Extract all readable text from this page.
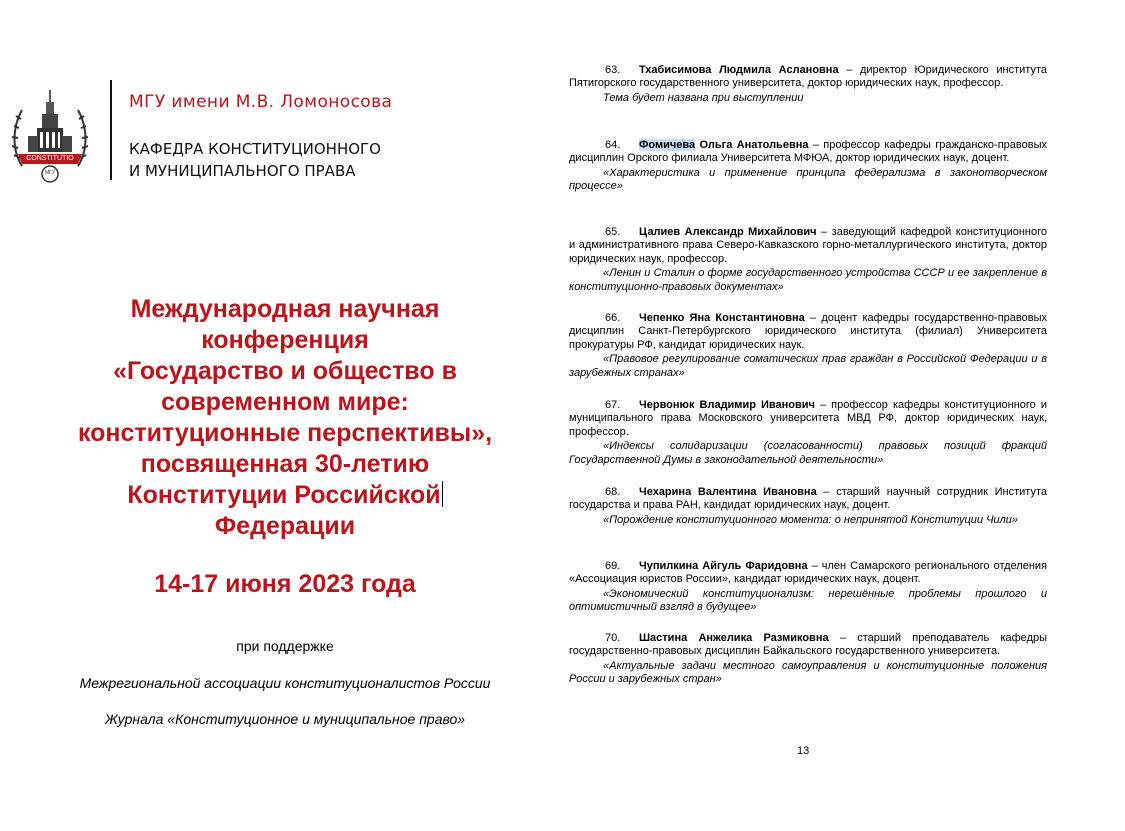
CONSTITUTIO
МГУ
МГУ имени М.В. Ломоносова
КАФЕДРА КОНСТИТУЦИОННОГО
И МУНИЦИПАЛЬНОГО ПРАВА
Международная научная
конференция
«Государство и общество в
современном мире:
конституционные перспективы»,
посвященная 30-летию
Конституции Российской
Федерации
14-17 июня 2023 года
при поддержке
Межрегиональной ассоциации конституционалистов России
Журнала «Конституционное и муниципальное право»
63. Тхабисимова Людмила Аслановна – директор Юридического института Пятигорского государственного университета, доктор юридических наук, профессор.
Тема будет названа при выступлении
64. Фомичева Ольга Анатольевна – профессор кафедры гражданско-правовых дисциплин Орского филиала Университета МФЮА, доктор юридических наук, доцент.
«Характеристика и применение принципа федерализма в законотворческом процессе»
65. Цалиев Александр Михайлович – заведующий кафедрой конституционного и административного права Северо-Кавказского горно-металлургического института, доктор юридических наук, профессор.
«Ленин и Сталин о форме государственного устройства СССР и ее закрепление в конституционно-правовых документах»
66. Чепенко Яна Константиновна – доцент кафедры государственно-правовых дисциплин Санкт-Петербургского юридического института (филиал) Университета прокуратуры РФ, кандидат юридических наук.
«Правовое регулирование соматических прав граждан в Российской Федерации и в зарубежных странах»
67. Червонюк Владимир Иванович – профессор кафедры конституционного и муниципального права Московского университета МВД РФ, доктор юридических наук, профессор.
«Индексы солидаризации (согласованности) правовых позиций фракций Государственной Думы в законодательной деятельности»
68. Чехарина Валентина Ивановна – старший научный сотрудник Института государства и права РАН, кандидат юридических наук, доцент.
«Порождение конституционного момента: о непринятой Конституции Чили»
69. Чупилкина Айгуль Фаридовна – член Самарского регионального отделения «Ассоциация юристов России», кандидат юридических наук, доцент.
«Экономический конституционализм: нерешённые проблемы прошлого и оптимистичный взгляд в будущее»
70. Шастина Анжелика Размиковна – старший преподаватель кафедры государственно-правовых дисциплин Байкальского государственного университета.
«Актуальные задачи местного самоуправления и конституционные положения России и зарубежных стран»
13
